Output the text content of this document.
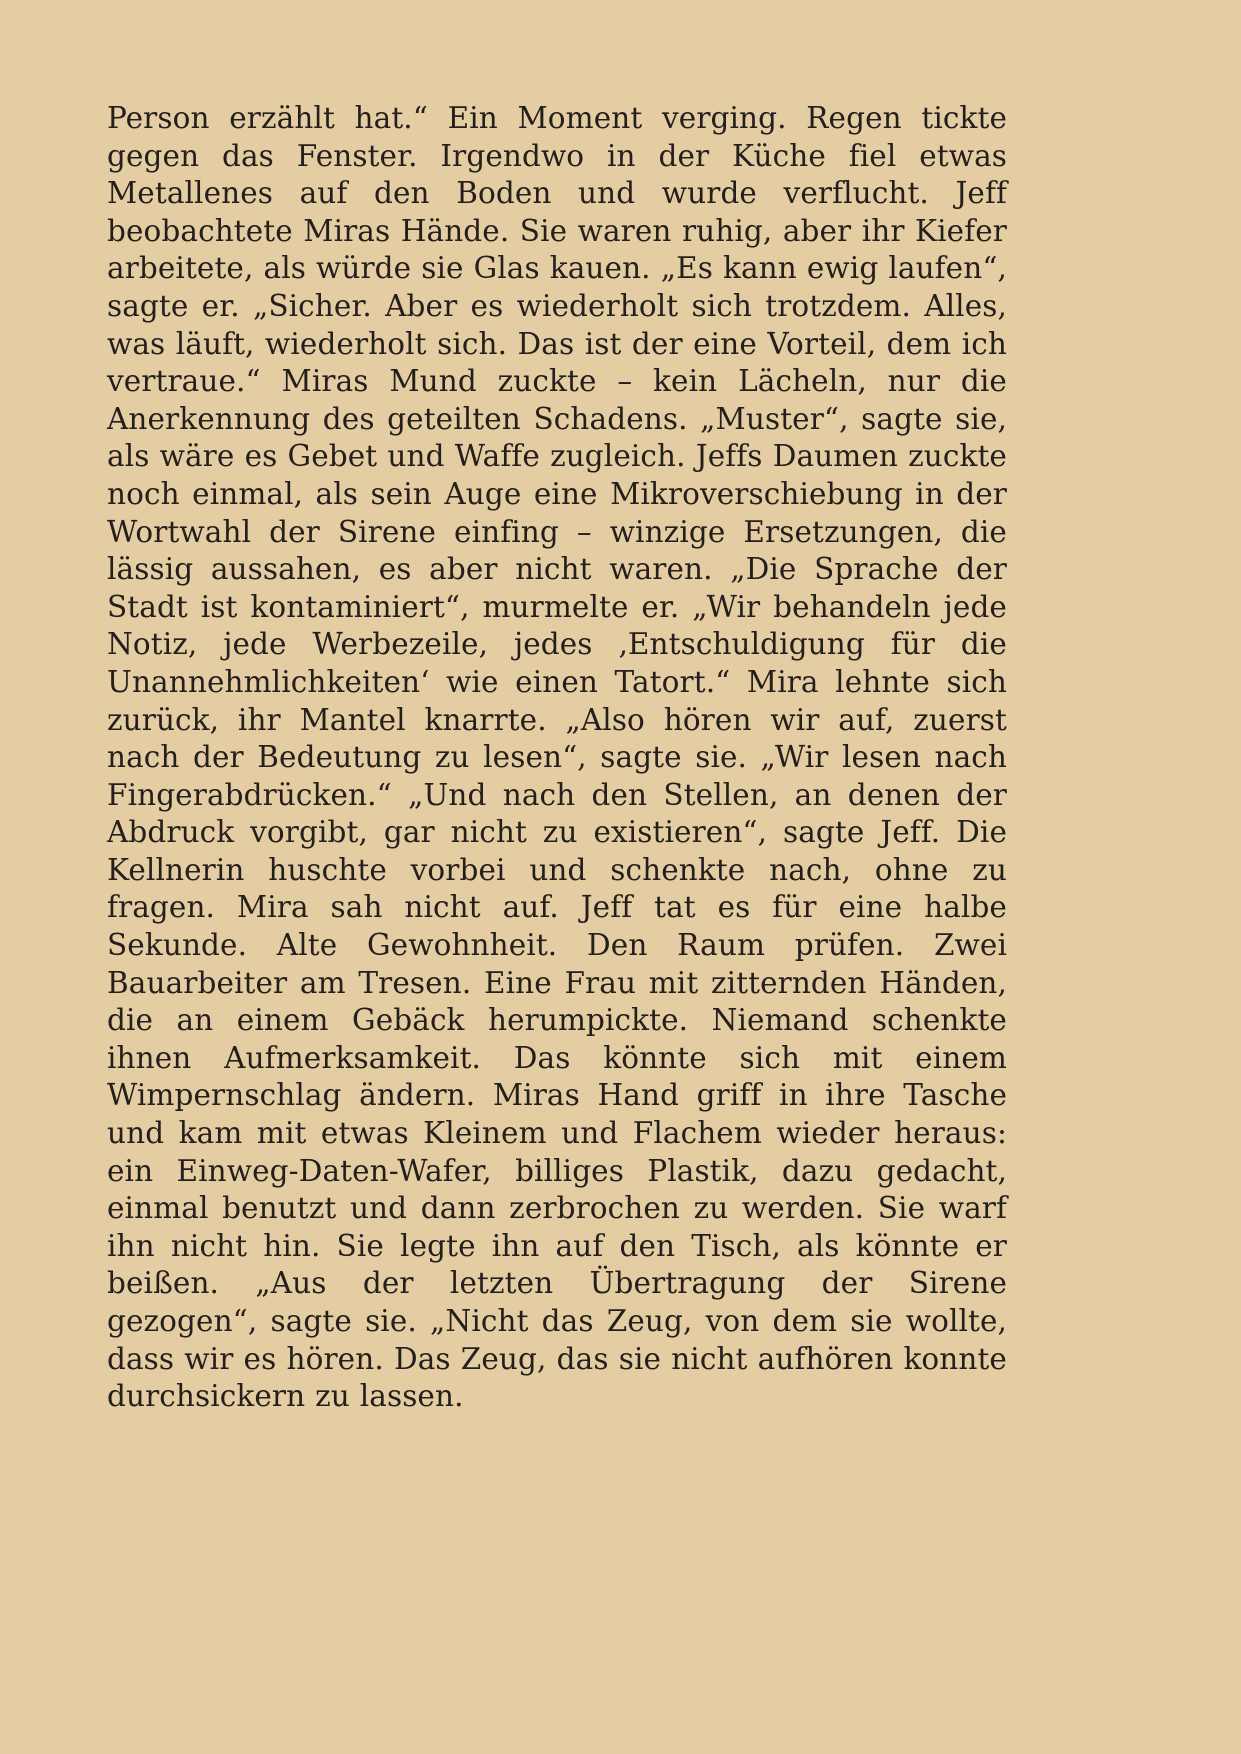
Person erzählt hat.“ Ein Moment verging. Regen tickte gegen das Fenster. Irgendwo in der Küche fiel etwas Metallenes auf den Boden und wurde verflucht. Jeff beobachtete Miras Hände. Sie waren ruhig, aber ihr Kiefer arbeitete, als würde sie Glas kauen. „Es kann ewig laufen“, sagte er. „Sicher. Aber es wiederholt sich trotzdem. Alles, was läuft, wiederholt sich. Das ist der eine Vorteil, dem ich vertraue.“ Miras Mund zuckte – kein Lächeln, nur die Anerkennung des geteilten Schadens. „Muster“, sagte sie, als wäre es Gebet und Waffe zugleich. Jeffs Daumen zuckte noch einmal, als sein Auge eine Mikroverschiebung in der Wortwahl der Sirene einfing – winzige Ersetzungen, die lässig aussahen, es aber nicht waren. „Die Sprache der Stadt ist kontaminiert“, murmelte er. „Wir behandeln jede Notiz, jede Werbezeile, jedes ‚Entschuldigung für die Unannehmlichkeiten‘ wie einen Tatort.“ Mira lehnte sich zurück, ihr Mantel knarrte. „Also hören wir auf, zuerst nach der Bedeutung zu lesen“, sagte sie. „Wir lesen nach Fingerabdrücken.“ „Und nach den Stellen, an denen der Abdruck vorgibt, gar nicht zu existieren“, sagte Jeff. Die Kellnerin huschte vorbei und schenkte nach, ohne zu fragen. Mira sah nicht auf. Jeff tat es für eine halbe Sekunde. Alte Gewohnheit. Den Raum prüfen. Zwei Bauarbeiter am Tresen. Eine Frau mit zitternden Händen, die an einem Gebäck herumpickte. Niemand schenkte ihnen Aufmerksamkeit. Das könnte sich mit einem Wimpernschlag ändern. Miras Hand griff in ihre Tasche und kam mit etwas Kleinem und Flachem wieder heraus: ein Einweg-Daten-Wafer, billiges Plastik, dazu gedacht, einmal benutzt und dann zerbrochen zu werden. Sie warf ihn nicht hin. Sie legte ihn auf den Tisch, als könnte er beißen. „Aus der letzten Übertragung der Sirene gezogen“, sagte sie. „Nicht das Zeug, von dem sie wollte, dass wir es hören. Das Zeug, das sie nicht aufhören konnte durchsickern zu lassen.
